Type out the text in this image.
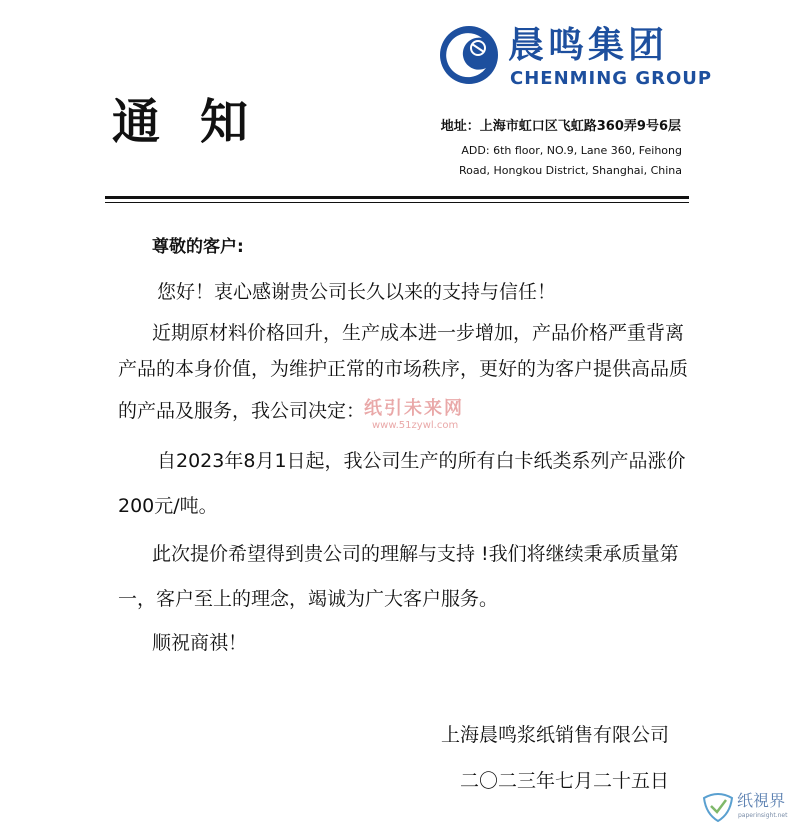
晨鸣集团
CHENMING GROUP
通知	地址：上海市虹口区飞虹路360弄9号6层
ADD: 6th floor, NO.9, Lane 360, Feihong
Road, Hongkou District, Shanghai, China
尊敬的客户:
您好！衷心感谢贵公司长久以来的支持与信任！
近期原材料价格回升，生产成本进一步增加，产品价格严重背离
产品的本身价值，为维护正常的市场秩序，更好的为客户提供高品质
的产品及服务，我公司决定：
自2023年8月1日起，我公司生产的所有白卡纸类系列产品涨价
200元/吨。
此次提价希望得到贵公司的理解与支持 !我们将继续秉承质量第
一，客户至上的理念，竭诚为广大客户服务。
顺祝商祺！
上海晨鸣浆纸销售有限公司
二〇二三年七月二十五日
纸引未来网
www.51zywl.com
纸視界
paperinsight.net
